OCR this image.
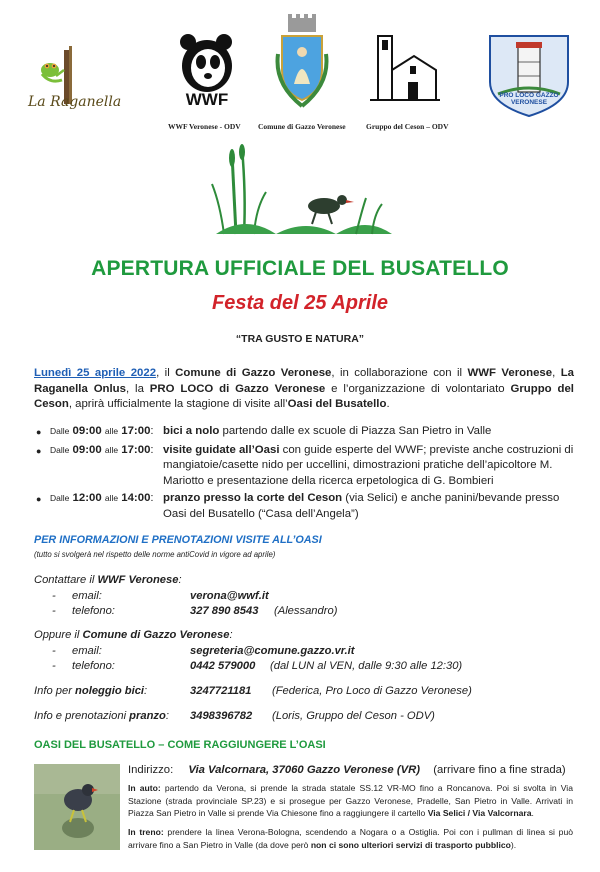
La Raganella	WWF	PRO LOCO GAZZO VERONESE
WWF Veronese - ODV Comune di Gazzo Veronese	Gruppo del Ceson – ODV
APERTURA UFFICIALE DEL BUSATELLO
Festa del 25 Aprile
“TRA GUSTO E NATURA”
Lunedì 25 aprile 2022, il Comune di Gazzo Veronese, in collaborazione con il WWF Veronese, La Raganella Onlus, la PRO LOCO di Gazzo Veronese e l’organizzazione di volontariato Gruppo del Ceson, aprirà ufficialmente la stagione di visite all’Oasi del Busatello.
●	Dalle 09:00 alle 17:00: bici a nolo partendo dalle ex scuole di Piazza San Pietro in Valle
●	Dalle 09:00 alle 17:00: visite guidate all’Oasi con guide esperte del WWF; previste anche costruzioni di mangiatoie/casette nido per uccellini, dimostrazioni pratiche dell’apicoltore M. Mariotto e presentazione della ricerca erpetologica di G. Bombieri
●	Dalle 12:00 alle 14:00: pranzo presso la corte del Ceson (via Selici) e anche panini/bevande presso Oasi del Busatello (“Casa dell’Angela”)
PER INFORMAZIONI E PRENOTAZIONI VISITE ALL’OASI
(tutto si svolgerà nel rispetto delle norme antiCovid in vigore ad aprile)
Contattare il WWF Veronese:
- email:	verona@wwf.it
- telefono:	327 890 8543 (Alessandro)
Oppure il Comune di Gazzo Veronese:
- email:	segreteria@comune.gazzo.vr.it
- telefono:	0442 579000 (dal LUN al VEN, dalle 9:30 alle 12:30)
Info per noleggio bici:	3247721181 (Federica, Pro Loco di Gazzo Veronese)
Info e prenotazioni pranzo: 3498396782 (Loris, Gruppo del Ceson - ODV)
OASI DEL BUSATELLO – COME RAGGIUNGERE L’OASI
Indirizzo: Via Valcornara, 37060 Gazzo Veronese (VR) (arrivare fino a fine strada)
In auto: partendo da Verona, si prende la strada statale SS.12 VR-MO fino a Roncanova. Poi si svolta in Via Stazione (strada provinciale SP.23) e si prosegue per Gazzo Veronese, Pradelle, San Pietro in Valle. Arrivati in Piazza San Pietro in Valle si prende Via Chiesone fino a raggiungere il cartello Via Selici / Via Valcornara.
In treno: prendere la linea Verona-Bologna, scendendo a Nogara o a Ostiglia. Poi con i pullman di linea si può arrivare fino a San Pietro in Valle (da dove però non ci sono ulteriori servizi di trasporto pubblico).
